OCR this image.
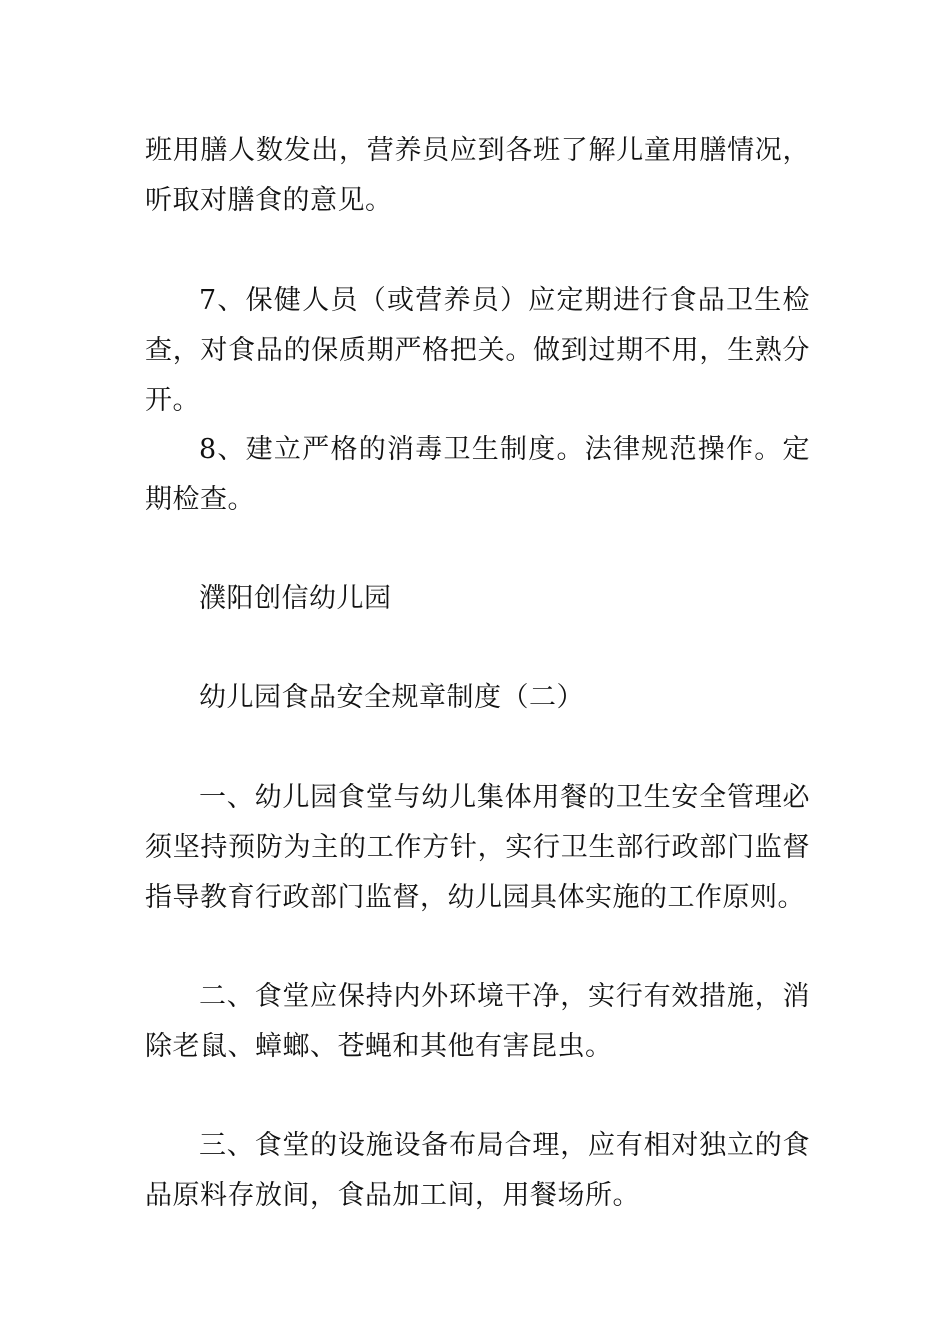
班用膳人数发出，营养员应到各班了解儿童用膳情况，听取对膳食的意见。

7、保健人员（或营养员）应定期进行食品卫生检查，对食品的保质期严格把关。做到过期不用，生熟分开。

8、建立严格的消毒卫生制度。法律规范操作。定期检查。

濮阳创信幼儿园

幼儿园食品安全规章制度（二）

一、幼儿园食堂与幼儿集体用餐的卫生安全管理必须坚持预防为主的工作方针，实行卫生部行政部门监督指导教育行政部门监督，幼儿园具体实施的工作原则。

二、食堂应保持内外环境干净，实行有效措施，消除老鼠、蟑螂、苍蝇和其他有害昆虫。

三、食堂的设施设备布局合理，应有相对独立的食品原料存放间，食品加工间，用餐场所。
